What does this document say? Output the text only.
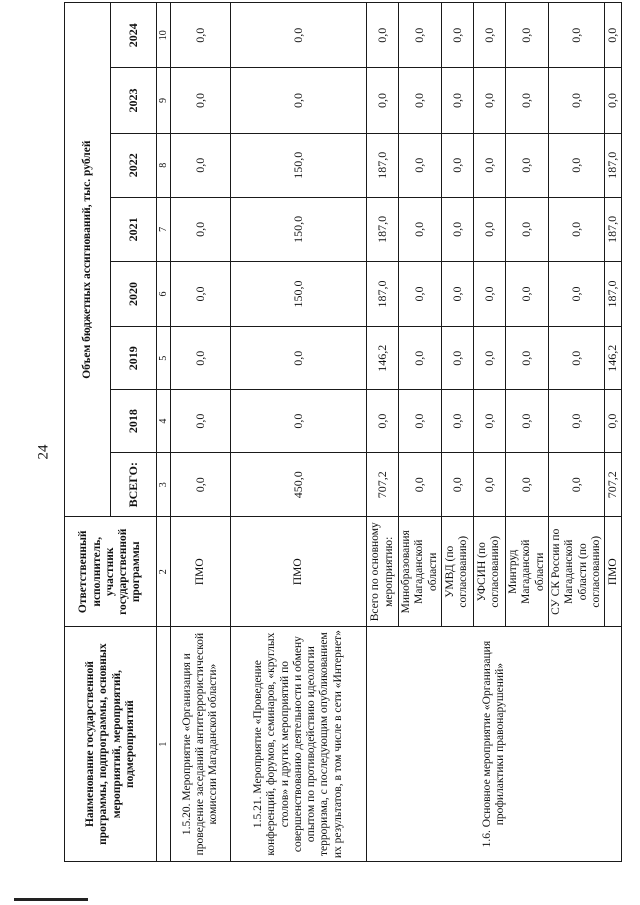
24
Наименование государственной программы, подпрограммы, основных мероприятий, мероприятий, подмероприятий	Ответственный исполнитель, участник государственной программы	Объем бюджетных ассигнований, тыс. рублей							
		ВСЕГО:	2018	2019	2020	2021	2022	2023	2024
1	2	3	4	5	6	7	8	9	10
1.5.20. Мероприятие «Организация и проведение заседаний антитеррористической комиссии Магаданской области»	ПМО	0,0	0,0	0,0	0,0	0,0	0,0	0,0	0,0
1.5.21. Мероприятие «Проведение конференций, форумов, семинаров, «круглых столов» и других мероприятий по совершенствованию деятельности и обмену опытом по противодействию идеологии терроризма, с последующим опубликованием их результатов, в том числе в сети «Интернет»	ПМО	450,0	0,0	0,0	150,0	150,0	150,0	0,0	0,0
1.6. Основное мероприятие «Организация профилактики правонарушений»	Всего по основному мероприятию:	707,2	0,0	146,2	187,0	187,0	187,0	0,0	0,0
	Минобразования Магаданской области	0,0	0,0	0,0	0,0	0,0	0,0	0,0	0,0
	УМВД (по согласованию)	0,0	0,0	0,0	0,0	0,0	0,0	0,0	0,0
	УФСИН (по согласованию)	0,0	0,0	0,0	0,0	0,0	0,0	0,0	0,0
	Минтруд Магаданской области	0,0	0,0	0,0	0,0	0,0	0,0	0,0	0,0
	СУ СК России по Магаданской области (по согласованию)	0,0	0,0	0,0	0,0	0,0	0,0	0,0	0,0
	ПМО	707,2	0,0	146,2	187,0	187,0	187,0	0,0	0,0
